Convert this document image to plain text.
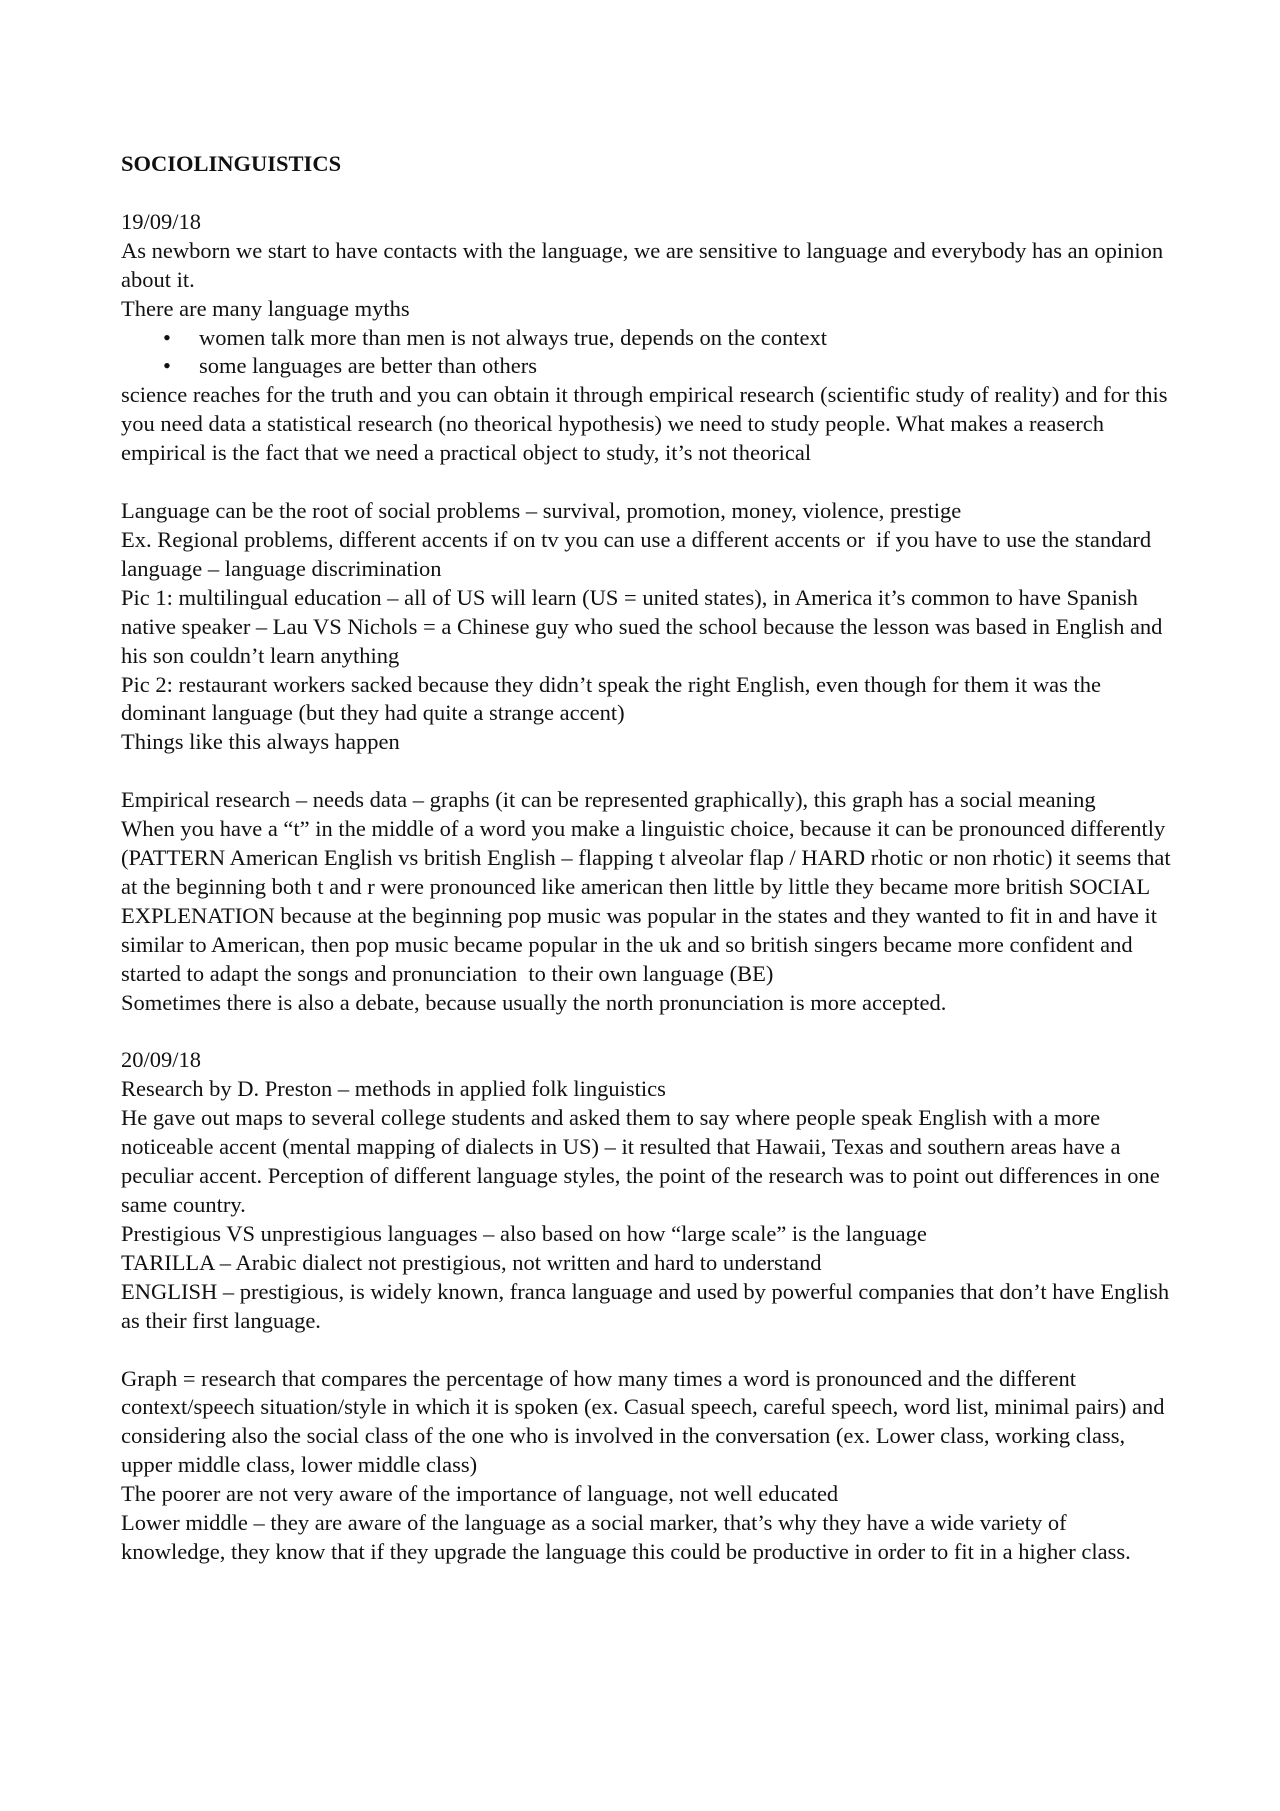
SOCIOLINGUISTICS

19/09/18

As newborn we start to have contacts with the language, we are sensitive to language and everybody has an opinion about it.

There are many language myths

• women talk more than men is not always true, depends on the context
• some languages are better than others

science reaches for the truth and you can obtain it through empirical research (scientific study of reality) and for this you need data a statistical research (no theorical hypothesis) we need to study people. What makes a reaserch empirical is the fact that we need a practical object to study, it’s not theorical

Language can be the root of social problems – survival, promotion, money, violence, prestige

Ex. Regional problems, different accents if on tv you can use a different accents or  if you have to use the standard language – language discrimination

Pic 1: multilingual education – all of US will learn (US = united states), in America it’s common to have Spanish native speaker – Lau VS Nichols = a Chinese guy who sued the school because the lesson was based in English and his son couldn’t learn anything

Pic 2: restaurant workers sacked because they didn’t speak the right English, even though for them it was the dominant language (but they had quite a strange accent)

Things like this always happen

Empirical research – needs data – graphs (it can be represented graphically), this graph has a social meaning

When you have a “t” in the middle of a word you make a linguistic choice, because it can be pronounced differently (PATTERN American English vs british English – flapping t alveolar flap / HARD rhotic or non rhotic) it seems that at the beginning both t and r were pronounced like american then little by little they became more british SOCIAL EXPLENATION because at the beginning pop music was popular in the states and they wanted to fit in and have it similar to American, then pop music became popular in the uk and so british singers became more confident and started to adapt the songs and pronunciation  to their own language (BE)

Sometimes there is also a debate, because usually the north pronunciation is more accepted.

20/09/18

Research by D. Preston – methods in applied folk linguistics

He gave out maps to several college students and asked them to say where people speak English with a more noticeable accent (mental mapping of dialects in US) – it resulted that Hawaii, Texas and southern areas have a peculiar accent. Perception of different language styles, the point of the research was to point out differences in one same country.

Prestigious VS unprestigious languages – also based on how “large scale” is the language

TARILLA – Arabic dialect not prestigious, not written and hard to understand

ENGLISH – prestigious, is widely known, franca language and used by powerful companies that don’t have English as their first language.

Graph = research that compares the percentage of how many times a word is pronounced and the different context/speech situation/style in which it is spoken (ex. Casual speech, careful speech, word list, minimal pairs) and considering also the social class of the one who is involved in the conversation (ex. Lower class, working class, upper middle class, lower middle class)

The poorer are not very aware of the importance of language, not well educated

Lower middle – they are aware of the language as a social marker, that’s why they have a wide variety of knowledge, they know that if they upgrade the language this could be productive in order to fit in a higher class.
